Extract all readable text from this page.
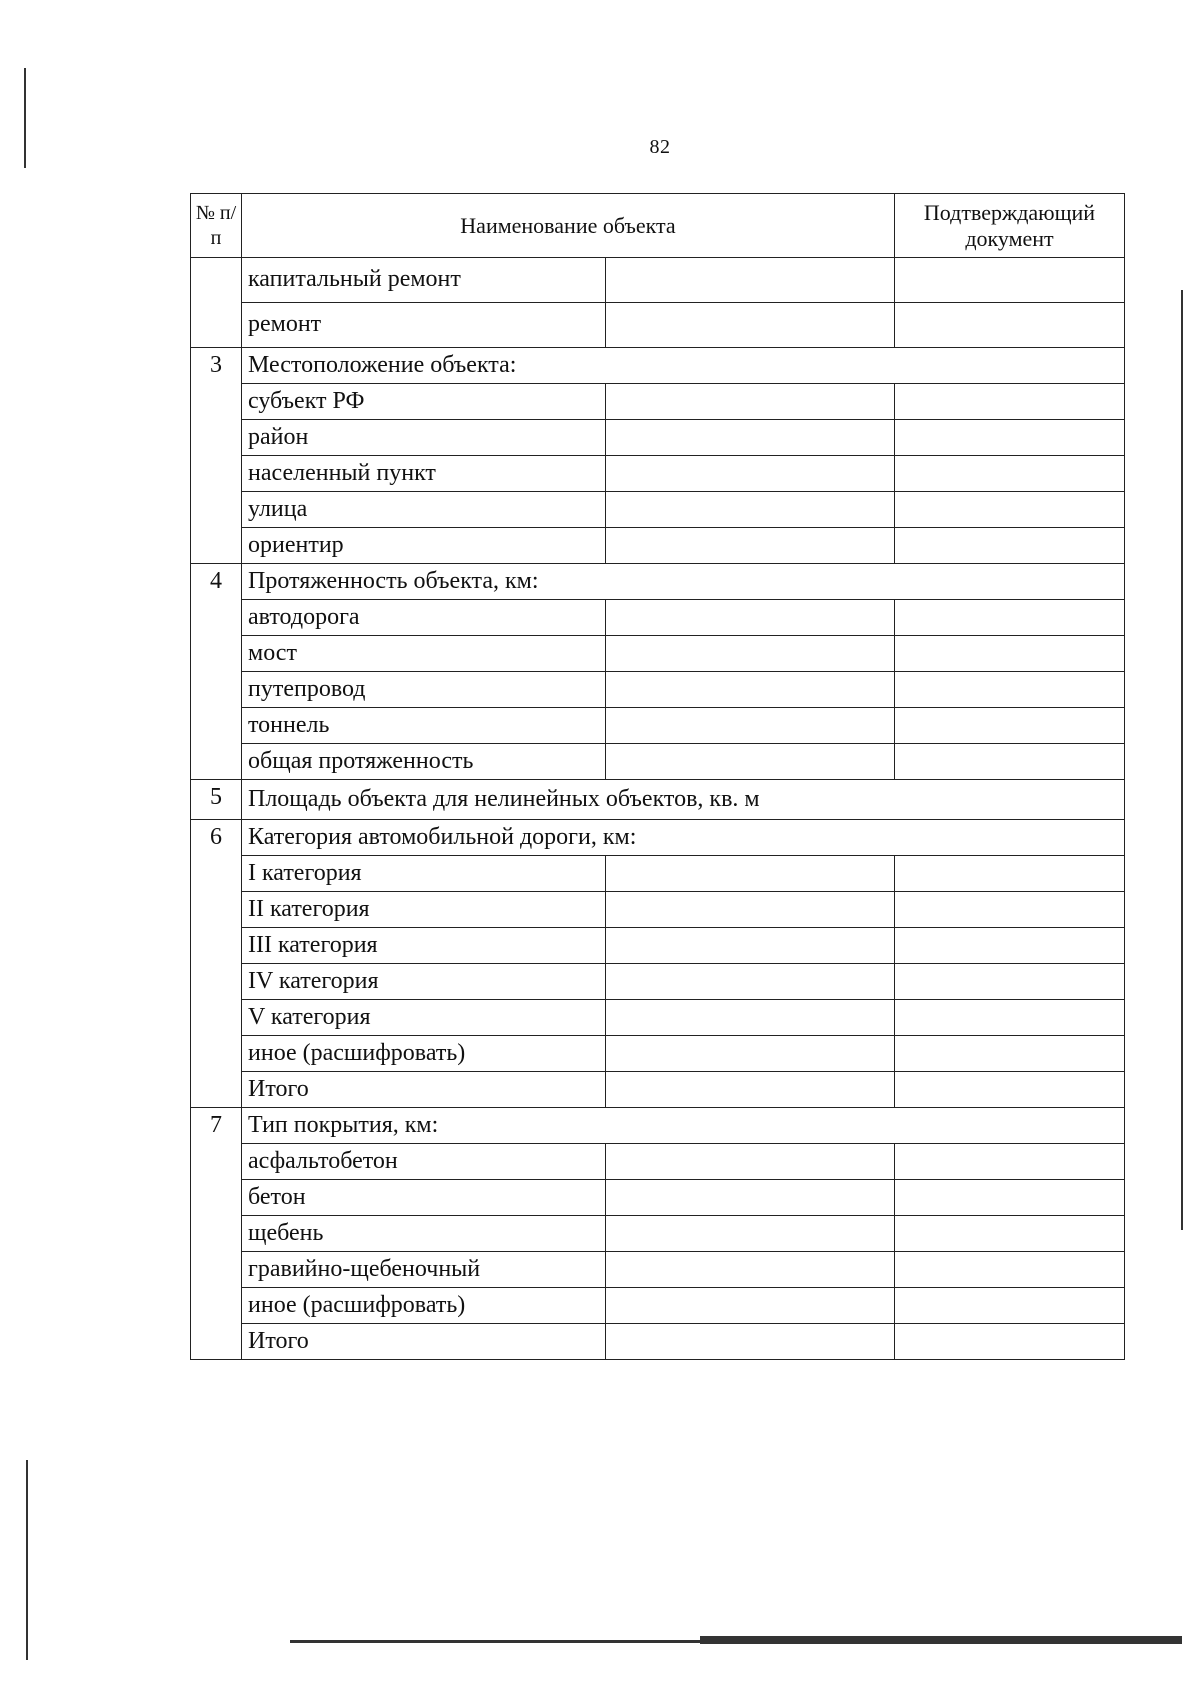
82
№ п/п	Наименование объекта		Подтверждающий документ
	капитальный ремонт		
	ремонт		
3	Местоположение объекта:		
	субъект РФ		
	район		
	населенный пункт		
	улица		
	ориентир		
4	Протяженность объекта, км:		
	автодорога		
	мост		
	путепровод		
	тоннель		
	общая протяженность		
5	Площадь объекта для нелинейных объектов, кв. м		
6	Категория автомобильной дороги, км:		
	I категория		
	II категория		
	III категория		
	IV категория		
	V категория		
	иное (расшифровать)		
	Итого		
7	Тип покрытия, км:		
	асфальтобетон		
	бетон		
	щебень		
	гравийно-щебеночный		
	иное (расшифровать)		
	Итого		
